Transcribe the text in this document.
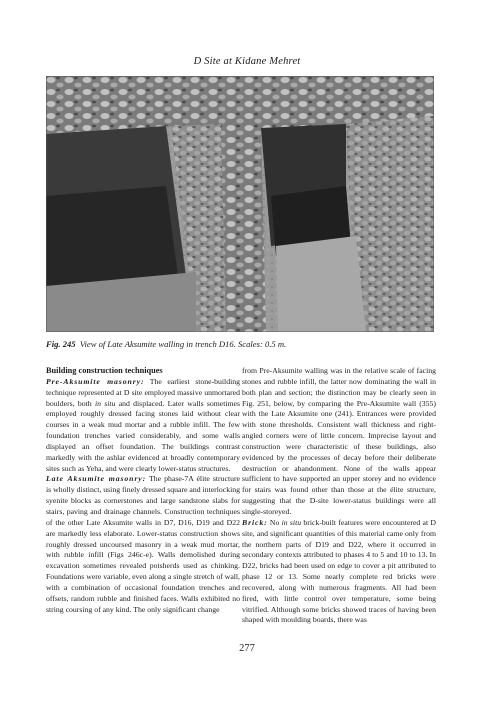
D Site at Kidane Mehret
Fig. 245 View of Late Aksumite walling in trench D16. Scales: 0.5 m.
Building construction techniques

Pre-Aksumite masonry: The earliest stone-building technique represented at D site employed massive unmortared boulders, both in situ and displaced. Later walls sometimes employed roughly dressed facing stones laid without clear courses in a weak mud mortar and a rubble infill. The few foundation trenches varied considerably, and some walls displayed an offset foundation. The buildings contrast markedly with the ashlar evidenced at broadly contemporary sites such as Yeha, and were clearly lower-status structures.

Late Aksumite masonry: The phase-7A élite structure is wholly distinct, using finely dressed square and interlocking syenite blocks as cornerstones and large sandstone slabs for stairs, paving and drainage channels. Construction techniques of the other Late Aksumite walls in D7, D16, D19 and D22 are markedly less elaborate. Lower-status construction shows roughly dressed uncoursed masonry in a weak mud mortar, with rubble infill (Figs 246c-e). Walls demolished during excavation sometimes revealed potsherds used as chinking. Foundations were variable, even along a single stretch of wall, with a combination of occasional foundation trenches and offsets, random rubble and finished faces. Walls exhibited no string coursing of any kind. The only significant change

from Pre-Aksumite walling was in the relative scale of facing stones and rubble infill, the latter now dominating the wall in both plan and section; the distinction may be clearly seen in Fig. 251, below, by comparing the Pre-Aksumite wall (355) with the Late Aksumite one (241). Entrances were provided with stone thresholds. Consistent wall thickness and right-angled corners were of little concern. Imprecise layout and construction were characteristic of these buildings, also evidenced by the processes of decay before their deliberate destruction or abandonment. None of the walls appear sufficient to have supported an upper storey and no evidence for stairs was found other than those at the élite structure, suggesting that the D-site lower-status buildings were all single-storeyed.

Brick: No in situ brick-built features were encountered at D site, and significant quantities of this material came only from the northern parts of D19 and D22, where it occurred in secondary contexts attributed to phases 4 to 5 and 10 to 13. In D22, bricks had been used on edge to cover a pit attributed to phase 12 or 13. Some nearly complete red bricks were recovered, along with numerous fragments. All had been fired, with little control over temperature, some being vitrified. Although some bricks showed traces of having been shaped with moulding boards, there was

277
